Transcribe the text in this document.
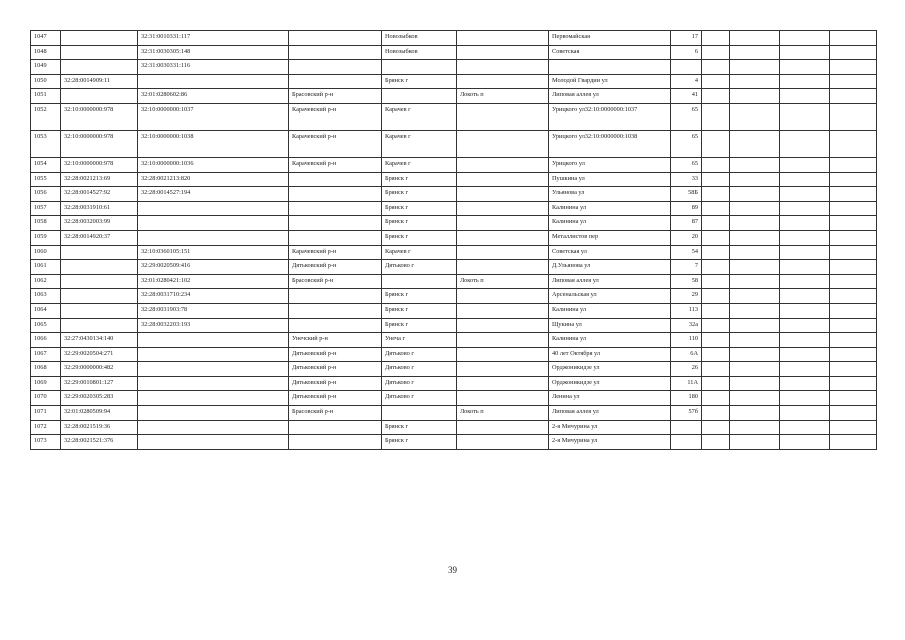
1047		32:31:0010331:117		Новозыбков		Первомайская	17				
1048		32:31:0030305:148		Новозыбков		Советская	6				
1049		32:31:0030331:116									
1050	32:28:0014909:11			Брянск г		Молодой Гвардии ул	4				
1051		32:01:0280602:86	Брасовский р-н		Локоть п	Липовая аллея ул	41				
1052	32:10:0000000:978	32:10:0000000:1037	Карачевский р-н	Карачев г		Урицкого ул32:10:0000000:1037	65				
1053	32:10:0000000:978	32:10:0000000:1038	Карачевский р-н	Карачев г		Урицкого ул32:10:0000000:1038	65				
1054	32:10:0000000:978	32:10:0000000:1036	Карачевский р-н	Карачев г		Урицкого ул	65				
1055	32:28:0021213:69	32:28:0021213:820		Брянск г		Пушкина ул	33				
1056	32:28:0014527:92	32:28:0014527:194		Брянск г		Ульянова ул	58Б				
1057	32:28:0031910:61			Брянск г		Калинина ул	89				
1058	32:28:0032003:99			Брянск г		Калинина ул	87				
1059	32:28:0014920:37			Брянск г		Металлистов пер	20				
1060		32:10:0360105:151	Карачевский р-н	Карачев г		Советская ул	54				
1061		32:29:0020509:416	Дятьковский р-н	Дятьково г		Д.Ульянова ул	7				
1062		32:01:0280421:102	Брасовский р-н		Локоть п	Липовая аллея ул	58				
1063		32:28:0031710:234		Брянск г		Арсенальская ул	29				
1064		32:28:0031903:78		Брянск г		Калинина ул	113				
1065		32:28:0032203:193		Брянск г		Щукина ул	32а				
1066	32:27:0430134:140		Унечский р-н	Унеча г		Калинина ул	110				
1067	32:29:0020504:271		Дятьковский р-н	Дятьково г		40 лет Октября ул	6А				
1068	32:29:0000000:482		Дятьковский р-н	Дятьково г		Орджоникидзе ул	26				
1069	32:29:0010801:127		Дятьковский р-н	Дятьково г		Орджоникидзе ул	11А				
1070	32:29:0020305:283		Дятьковский р-н	Дятьково г		Ленина ул	180				
1071	32:01:0280509:94		Брасовский р-н		Локоть п	Липовая аллея ул	57б				
1072	32:28:0021519:36			Брянск г		2-я Мичурина ул					
1073	32:28:0021521:376			Брянск г		2-я Мичурина ул					
39
